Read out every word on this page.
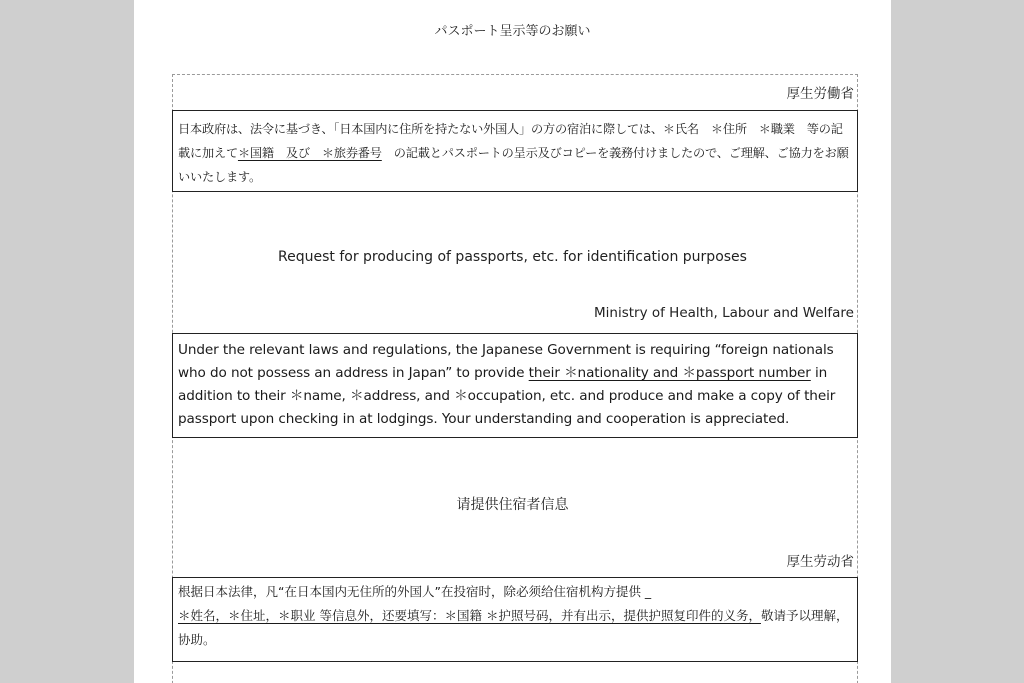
パスポート呈示等のお願い
厚生労働省
日本政府は、法令に基づき、「日本国内に住所を持たない外国人」の方の宿泊に際しては、＊氏名　＊住所　＊職業　等の記載に加えて＊国籍　及び　＊旅券番号　の記載とパスポートの呈示及びコピーを義務付けましたので、ご理解、ご協力をお願いいたします。
Request for producing of passports, etc. for identification purposes
Ministry of Health, Labour and Welfare
Under the relevant laws and regulations, the Japanese Government is requiring “foreign nationals who do not possess an address in Japan” to provide their ＊nationality and ＊passport number in addition to their ＊name, ＊address, and ＊occupation, etc. and produce and make a copy of their passport upon checking in at lodgings. Your understanding and cooperation is appreciated.
请提供住宿者信息
厚生劳动省
根据日本法律，凡“在日本国内无住所的外国人”在投宿时，除必须给住宿机构方提供 _
＊姓名，＊住址，＊职业 等信息外，还要填写：＊国籍 ＊护照号码，并有出示，提供护照复印件的义务，敬请予以理解，协助。
